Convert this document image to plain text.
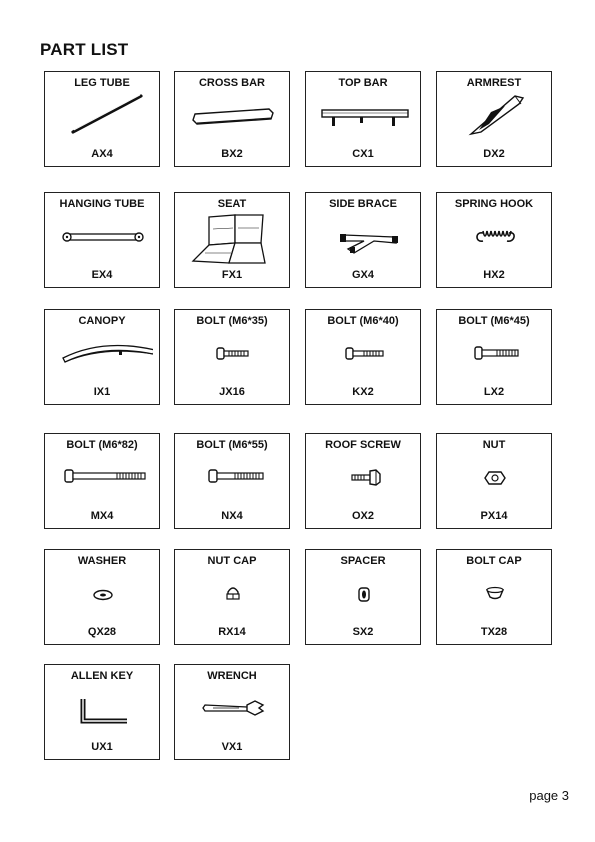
PART LIST
LEG TUBE
AX4
CROSS BAR
BX2
TOP BAR
CX1
ARMREST
DX2
HANGING TUBE
EX4
SEAT
FX1
SIDE BRACE
GX4
SPRING HOOK
HX2
CANOPY
IX1
BOLT (M6*35)
JX16
BOLT (M6*40)
KX2
BOLT (M6*45)
LX2
BOLT (M6*82)
MX4
BOLT (M6*55)
NX4
ROOF SCREW
OX2
NUT
PX14
WASHER
QX28
NUT CAP
RX14
SPACER
SX2
BOLT CAP
TX28
ALLEN KEY
UX1
WRENCH
VX1
page 3
